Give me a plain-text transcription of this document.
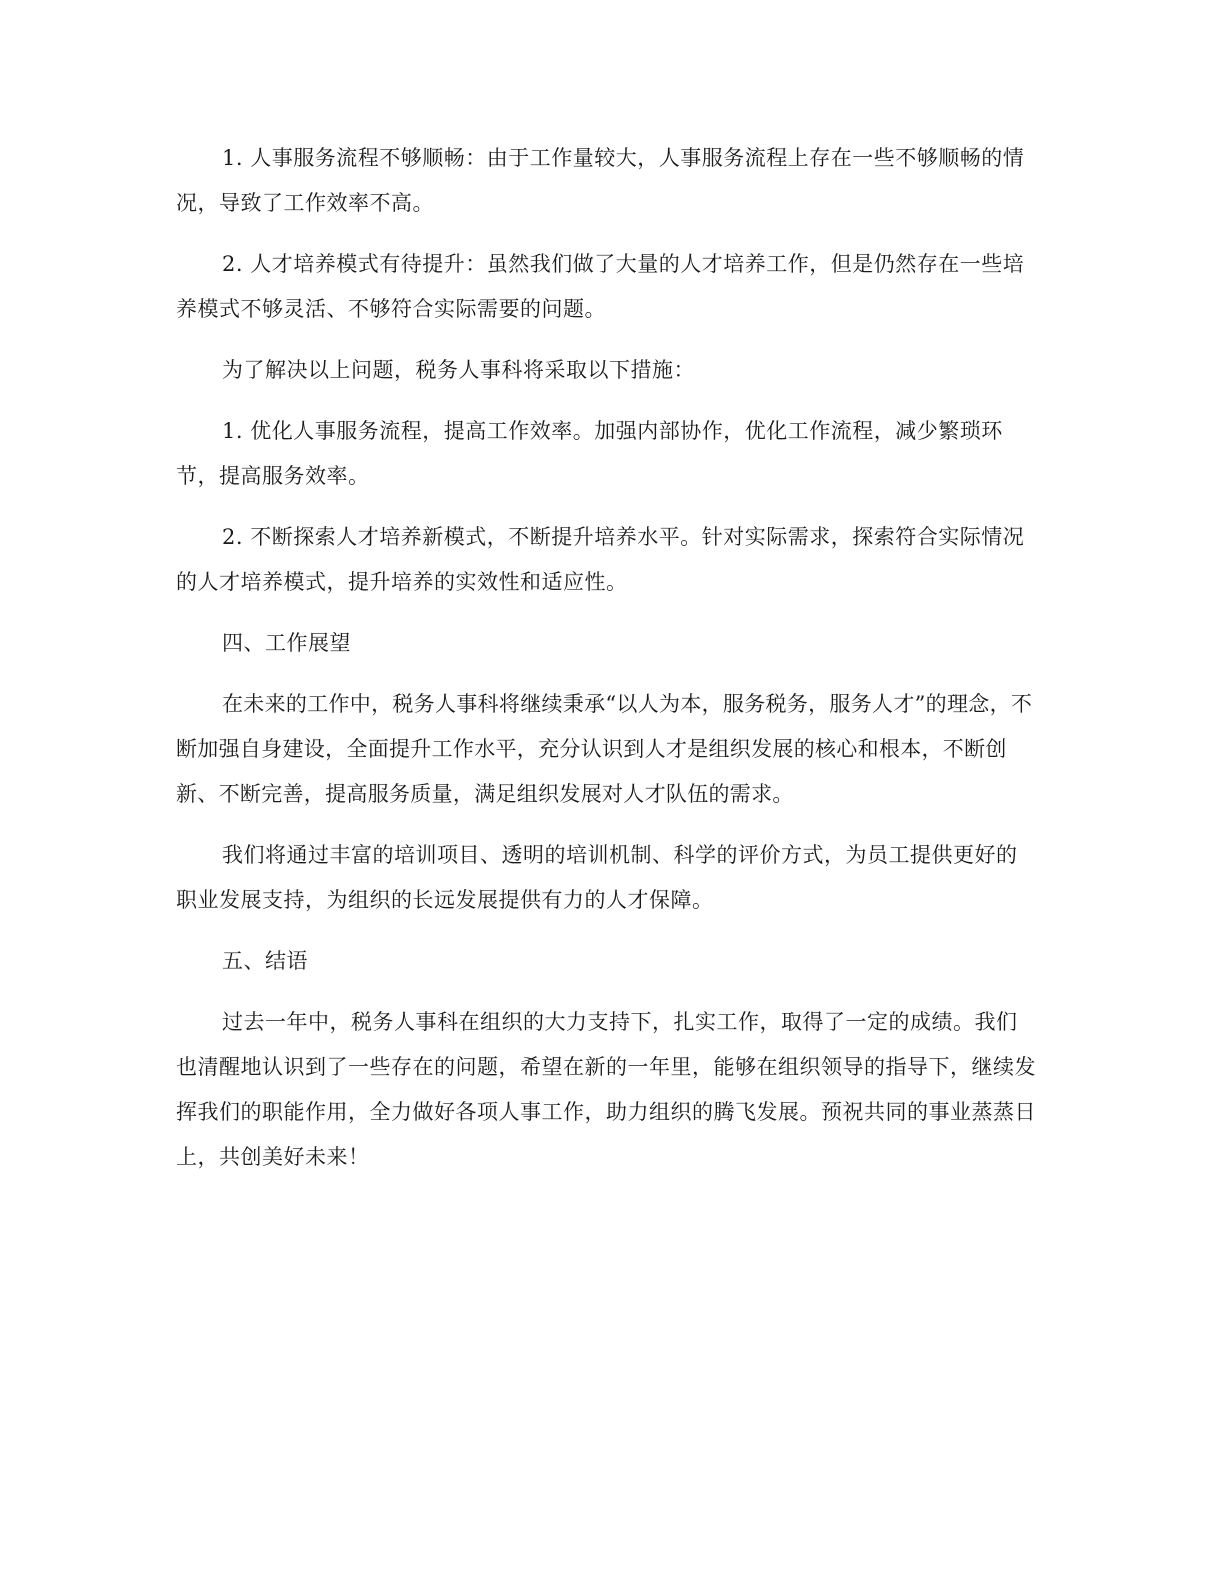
1. 人事服务流程不够顺畅：由于工作量较大，人事服务流程上存在一些不够顺畅的情况，导致了工作效率不高。

2. 人才培养模式有待提升：虽然我们做了大量的人才培养工作，但是仍然存在一些培养模式不够灵活、不够符合实际需要的问题。

为了解决以上问题，税务人事科将采取以下措施：

1. 优化人事服务流程，提高工作效率。加强内部协作，优化工作流程，减少繁琐环节，提高服务效率。

2. 不断探索人才培养新模式，不断提升培养水平。针对实际需求，探索符合实际情况的人才培养模式，提升培养的实效性和适应性。

四、工作展望

在未来的工作中，税务人事科将继续秉承“以人为本，服务税务，服务人才”的理念，不断加强自身建设，全面提升工作水平，充分认识到人才是组织发展的核心和根本，不断创新、不断完善，提高服务质量，满足组织发展对人才队伍的需求。

我们将通过丰富的培训项目、透明的培训机制、科学的评价方式，为员工提供更好的职业发展支持，为组织的长远发展提供有力的人才保障。

五、结语

过去一年中，税务人事科在组织的大力支持下，扎实工作，取得了一定的成绩。我们也清醒地认识到了一些存在的问题，希望在新的一年里，能够在组织领导的指导下，继续发挥我们的职能作用，全力做好各项人事工作，助力组织的腾飞发展。预祝共同的事业蒸蒸日上，共创美好未来！
